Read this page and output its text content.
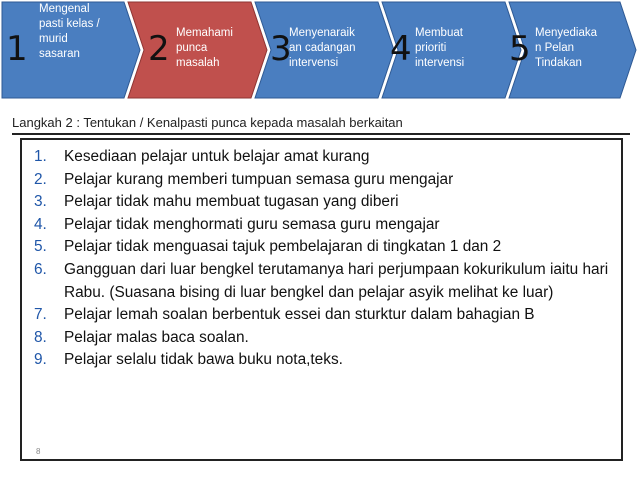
1
Mengenal
pasti kelas /
murid
sasaran	2 Memahami
punca
masalah	3
Menyenaraik
an cadangan
intervensi	4 Membuat
prioriti
intervensi 5 Menyediaka
n Pelan
Tindakan

Langkah 2 : Tentukan / Kenalpasti punca kepada masalah berkaitan

1.	Kesediaan pelajar untuk belajar amat kurang
2.	Pelajar kurang memberi tumpuan semasa guru mengajar
3.	Pelajar tidak mahu membuat tugasan yang diberi
4.	Pelajar tidak menghormati guru semasa guru mengajar
5.	Pelajar tidak menguasai tajuk pembelajaran di tingkatan 1 dan 2
6.	Gangguan dari luar bengkel terutamanya hari perjumpaan kokurikulum iaitu hari Rabu. (Suasana bising di luar bengkel dan pelajar asyik melihat ke luar)
7.	Pelajar lemah soalan berbentuk essei dan sturktur dalam bahagian B
8.	Pelajar malas baca soalan.
9.	Pelajar selalu tidak bawa buku nota,teks.
8
